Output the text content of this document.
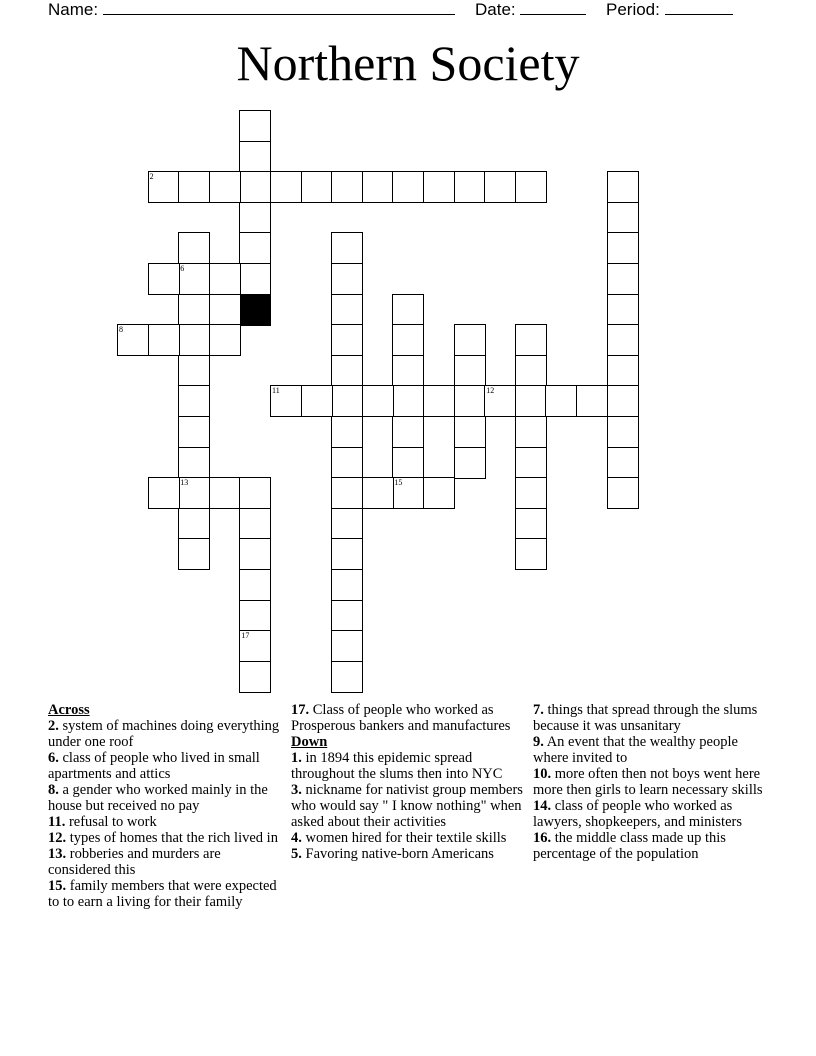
Name:	Date:	Period:
Northern Society
2
6
13
8
15
11	12
17
Across
2. system of machines doing everything under one roof
6. class of people who lived in small apartments and attics
8. a gender who worked mainly in the house but received no pay
11. refusal to work
12. types of homes that the rich lived in
13. robberies and murders are considered this
15. family members that were expected to to earn a living for their family
17. Class of people who worked as Prosperous bankers and manufactures
Down
1. in 1894 this epidemic spread throughout the slums then into NYC
3. nickname for nativist group members who would say " I know nothing" when asked about their activities
4. women hired for their textile skills
5. Favoring native-born Americans
7. things that spread through the slums because it was unsanitary
9. An event that the wealthy people where invited to
10. more often then not boys went here more then girls to learn necessary skills
14. class of people who worked as lawyers, shopkeepers, and ministers
16. the middle class made up this percentage of the population
